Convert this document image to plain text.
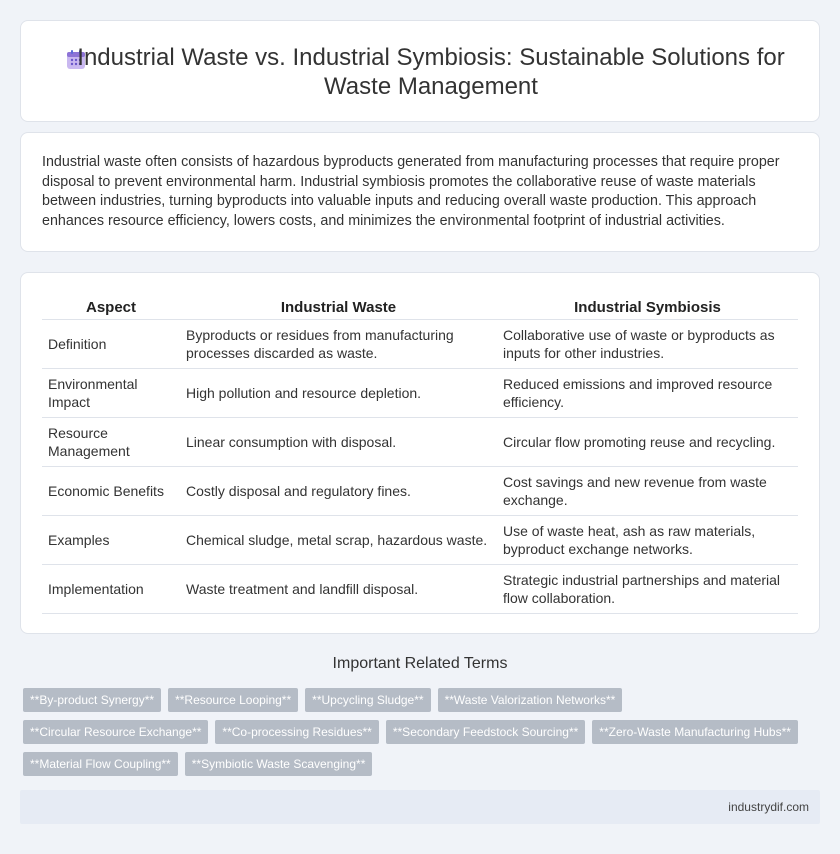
Industrial Waste vs. Industrial Symbiosis: Sustainable Solutions for Waste Management

Industrial waste often consists of hazardous byproducts generated from manufacturing processes that require proper disposal to prevent environmental harm. Industrial symbiosis promotes the collaborative reuse of waste materials between industries, turning byproducts into valuable inputs and reducing overall waste production. This approach enhances resource efficiency, lowers costs, and minimizes the environmental footprint of industrial activities.

Aspect	Industrial Waste	Industrial Symbiosis
Definition	Byproducts or residues from manufacturing processes discarded as waste.	Collaborative use of waste or byproducts as inputs for other industries.
Environmental Impact	High pollution and resource depletion.	Reduced emissions and improved resource efficiency.
Resource Management	Linear consumption with disposal.	Circular flow promoting reuse and recycling.
Economic Benefits	Costly disposal and regulatory fines.	Cost savings and new revenue from waste exchange.
Examples	Chemical sludge, metal scrap, hazardous waste.	Use of waste heat, ash as raw materials, byproduct exchange networks.
Implementation	Waste treatment and landfill disposal.	Strategic industrial partnerships and material flow collaboration.
Important Related Terms
**By-product Synergy**	**Resource Looping**	**Upcycling Sludge**	**Waste Valorization Networks**
**Circular Resource Exchange**	**Co-processing Residues**	**Secondary Feedstock Sourcing**	**Zero-Waste Manufacturing Hubs**
**Material Flow Coupling**	**Symbiotic Waste Scavenging**
industrydif.com
